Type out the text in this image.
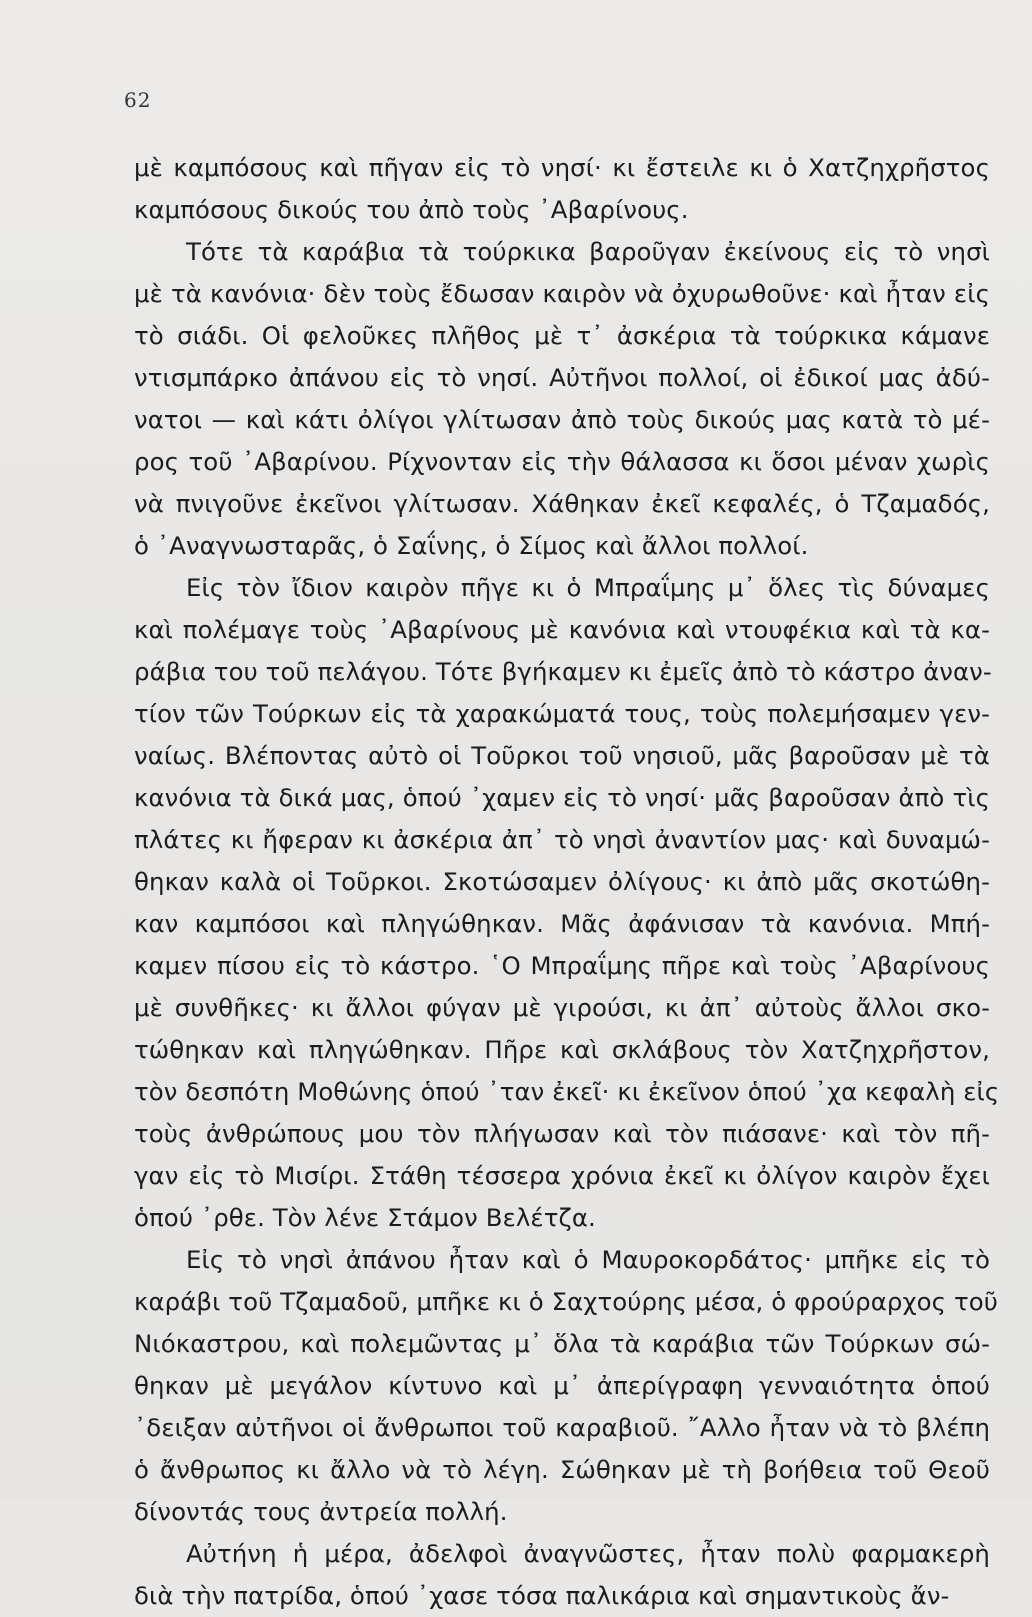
62
μὲ καμπόσους καὶ πῆγαν εἰς τὸ νησί· κι ἔστειλε κι ὁ Χατζηχρῆστος
καμπόσους δικούς του ἀπὸ τοὺς ᾽Αβαρίνους.
Τότε τὰ καράβια τὰ τούρκικα βαροῦγαν ἐκείνους εἰς τὸ νησὶ
μὲ τὰ κανόνια· δὲν τοὺς ἔδωσαν καιρὸν νὰ ὀχυρωθοῦνε· καὶ ἦταν εἰς
τὸ σιάδι. Οἱ φελοῦκες πλῆθος μὲ τ᾽ ἀσκέρια τὰ τούρκικα κάμανε
ντισμπάρκο ἀπάνου εἰς τὸ νησί. Αὐτῆνοι πολλοί, οἱ ἐδικοί μας ἀδύ-
νατοι — καὶ κάτι ὀλίγοι γλίτωσαν ἀπὸ τοὺς δικούς μας κατὰ τὸ μέ-
ρος τοῦ ᾽Αβαρίνου. Ρίχνονταν εἰς τὴν θάλασσα κι ὅσοι μέναν χωρὶς
νὰ πνιγοῦνε ἐκεῖνοι γλίτωσαν. Χάθηκαν ἐκεῖ κεφαλές, ὁ Τζαμαδός,
ὁ ᾽Αναγνωσταρᾶς, ὁ Σαΐνης, ὁ Σίμος καὶ ἄλλοι πολλοί.
Εἰς τὸν ἴδιον καιρὸν πῆγε κι ὁ Μπραΐμης μ᾽ ὅλες τὶς δύναμες
καὶ πολέμαγε τοὺς ᾽Αβαρίνους μὲ κανόνια καὶ ντουφέκια καὶ τὰ κα-
ράβια του τοῦ πελάγου. Τότε βγήκαμεν κι ἐμεῖς ἀπὸ τὸ κάστρο ἀναν-
τίον τῶν Τούρκων εἰς τὰ χαρακώματά τους, τοὺς πολεμήσαμεν γεν-
ναίως. Βλέποντας αὐτὸ οἱ Τοῦρκοι τοῦ νησιοῦ, μᾶς βαροῦσαν μὲ τὰ
κανόνια τὰ δικά μας, ὁπού ᾽χαμεν εἰς τὸ νησί· μᾶς βαροῦσαν ἀπὸ τὶς
πλάτες κι ἤφεραν κι ἀσκέρια ἀπ᾽ τὸ νησὶ ἀναντίον μας· καὶ δυναμώ-
θηκαν καλὰ οἱ Τοῦρκοι. Σκοτώσαμεν ὀλίγους· κι ἀπὸ μᾶς σκοτώθη-
καν καμπόσοι καὶ πληγώθηκαν. Μᾶς ἀφάνισαν τὰ κανόνια. Μπή-
καμεν πίσου εἰς τὸ κάστρο. ῾Ο Μπραΐμης πῆρε καὶ τοὺς ᾽Αβαρίνους
μὲ συνθῆκες· κι ἄλλοι φύγαν μὲ γιρούσι, κι ἀπ᾽ αὐτοὺς ἄλλοι σκο-
τώθηκαν καὶ πληγώθηκαν. Πῆρε καὶ σκλάβους τὸν Χατζηχρῆστον,
τὸν δεσπότη Μοθώνης ὁπού ᾽ταν ἐκεῖ· κι ἐκεῖνον ὁπού ᾽χα κεφαλὴ εἰς
τοὺς ἀνθρώπους μου τὸν πλήγωσαν καὶ τὸν πιάσανε· καὶ τὸν πῆ-
γαν εἰς τὸ Μισίρι. Στάθη τέσσερα χρόνια ἐκεῖ κι ὀλίγον καιρὸν ἔχει
ὁπού ᾽ρθε. Τὸν λένε Στάμον Βελέτζα.
Εἰς τὸ νησὶ ἀπάνου ἦταν καὶ ὁ Μαυροκορδάτος· μπῆκε εἰς τὸ
καράβι τοῦ Τζαμαδοῦ, μπῆκε κι ὁ Σαχτούρης μέσα, ὁ φρούραρχος τοῦ
Νιόκαστρου, καὶ πολεμῶντας μ᾽ ὅλα τὰ καράβια τῶν Τούρκων σώ-
θηκαν μὲ μεγάλον κίντυνο καὶ μ᾽ ἀπερίγραφη γενναιότητα ὁπού
᾽δειξαν αὐτῆνοι οἱ ἄνθρωποι τοῦ καραβιοῦ. ῎Αλλο ἦταν νὰ τὸ βλέπη
ὁ ἄνθρωπος κι ἄλλο νὰ τὸ λέγη. Σώθηκαν μὲ τὴ βοήθεια τοῦ Θεοῦ
δίνοντάς τους ἀντρεία πολλή.
Αὐτήνη ἡ μέρα, ἀδελφοὶ ἀναγνῶστες, ἦταν πολὺ φαρμακερὴ
διὰ τὴν πατρίδα, ὁπού ᾽χασε τόσα παλικάρια καὶ σημαντικοὺς ἄν-
